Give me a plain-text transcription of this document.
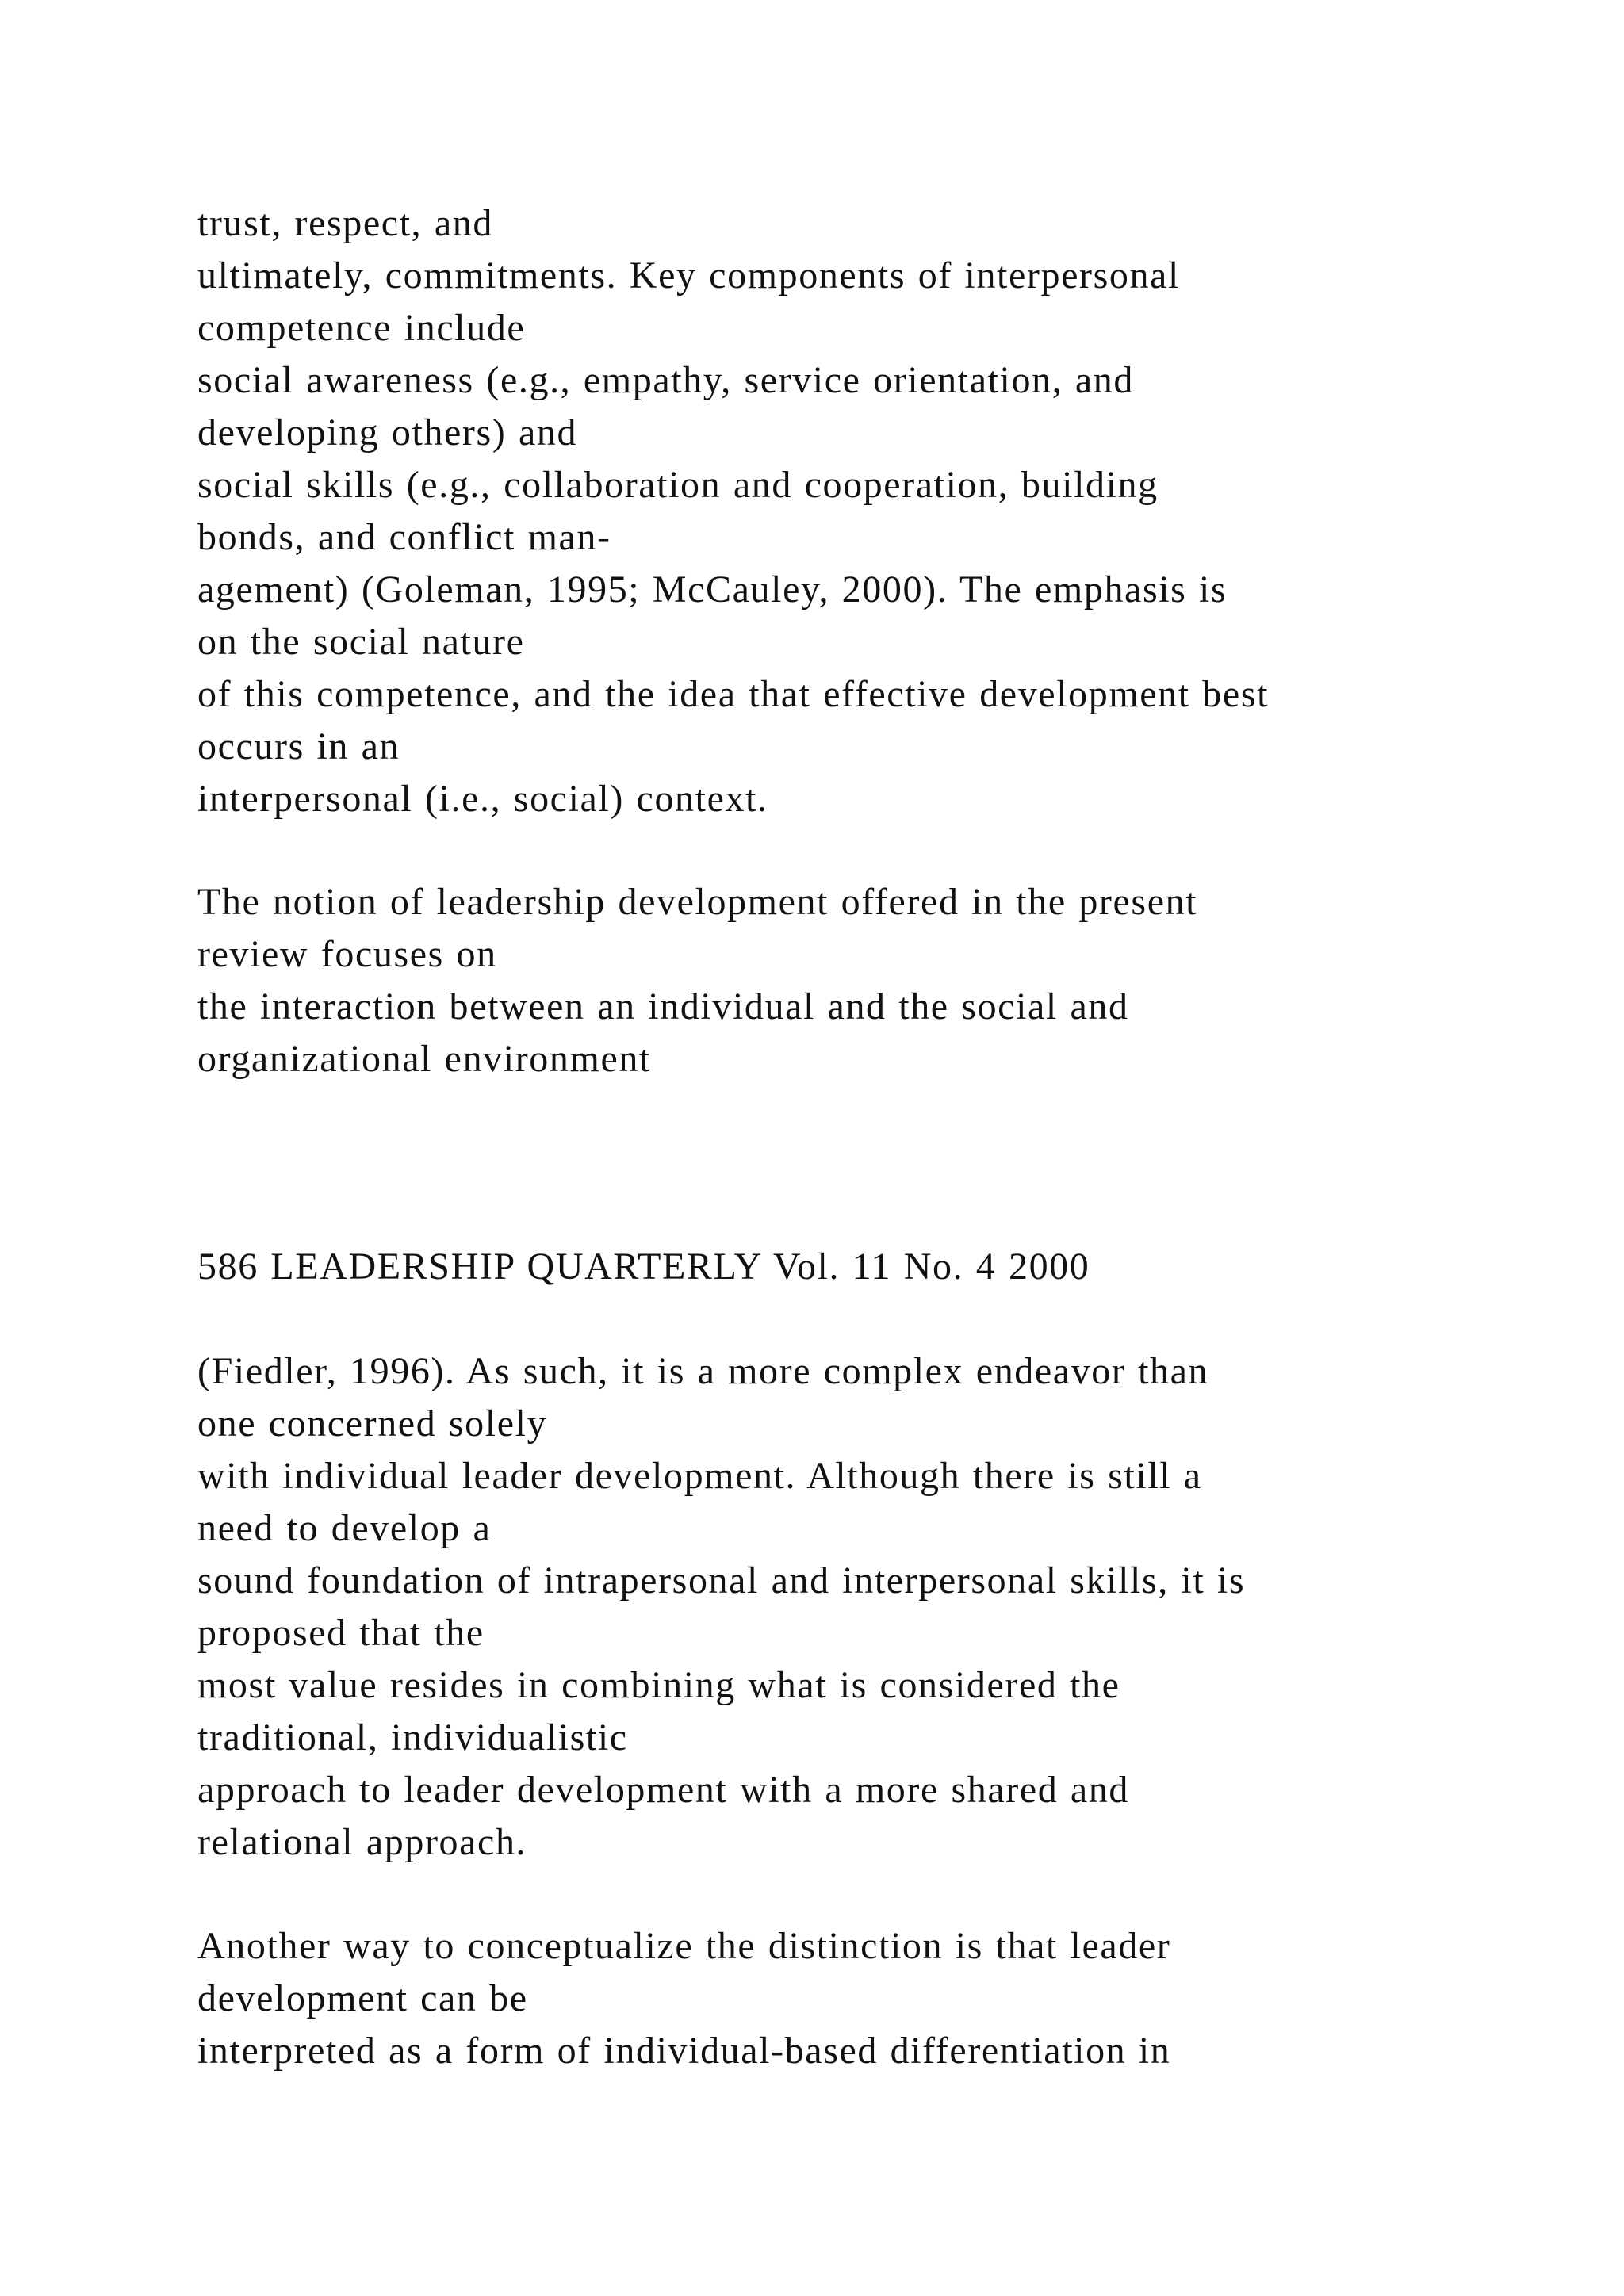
trust, respect, and
ultimately, commitments. Key components of interpersonal
competence include
social awareness (e.g., empathy, service orientation, and
developing others) and
social skills (e.g., collaboration and cooperation, building
bonds, and conflict man-
agement) (Goleman, 1995; McCauley, 2000). The emphasis is
on the social nature
of this competence, and the idea that effective development best
occurs in an
interpersonal (i.e., social) context.
The notion of leadership development offered in the present
review focuses on
the interaction between an individual and the social and
organizational environment
586 LEADERSHIP QUARTERLY Vol. 11 No. 4 2000
(Fiedler, 1996). As such, it is a more complex endeavor than
one concerned solely
with individual leader development. Although there is still a
need to develop a
sound foundation of intrapersonal and interpersonal skills, it is
proposed that the
most value resides in combining what is considered the
traditional, individualistic
approach to leader development with a more shared and
relational approach.
Another way to conceptualize the distinction is that leader
development can be
interpreted as a form of individual-based differentiation in
